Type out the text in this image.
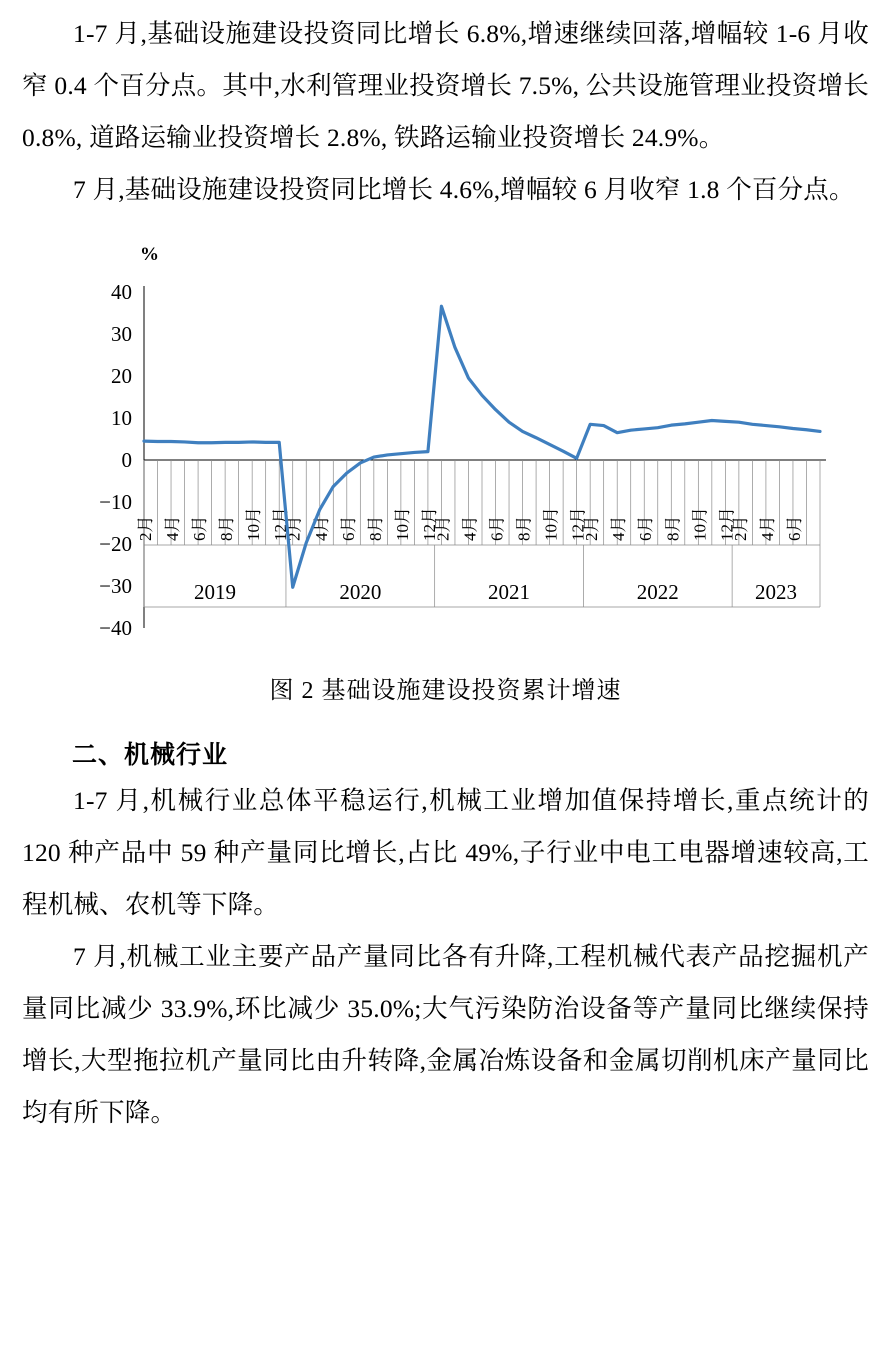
1-7 月,基础设施建设投资同比增长 6.8%,增速继续回落,增幅较 1-6 月收窄 0.4 个百分点。其中,水利管理业投资增长 7.5%, 公共设施管理业投资增长 0.8%, 道路运输业投资增长 2.8%, 铁路运输业投资增长 24.9%。

7 月,基础设施建设投资同比增长 4.6%,增幅较 6 月收窄 1.8 个百分点。

%
40
30
20
10
0
−10
−20
−30
−40
2月 4月 6月 8月 10月 12月
2月 4月 6月 8月 10月 12月
2月 4月 6月 8月 10月 12月
2月 4月 6月 8月 10月 12月
2月 4月 6月
2019	2020	2021	2022	2023
图 2 基础设施建设投资累计增速
二、机械行业

1-7 月,机械行业总体平稳运行,机械工业增加值保持增长,重点统计的 120 种产品中 59 种产量同比增长,占比 49%,子行业中电工电器增速较高,工程机械、农机等下降。

7 月,机械工业主要产品产量同比各有升降,工程机械代表产品挖掘机产量同比减少 33.9%,环比减少 35.0%;大气污染防治设备等产量同比继续保持增长,大型拖拉机产量同比由升转降,金属冶炼设备和金属切削机床产量同比均有所下降。
